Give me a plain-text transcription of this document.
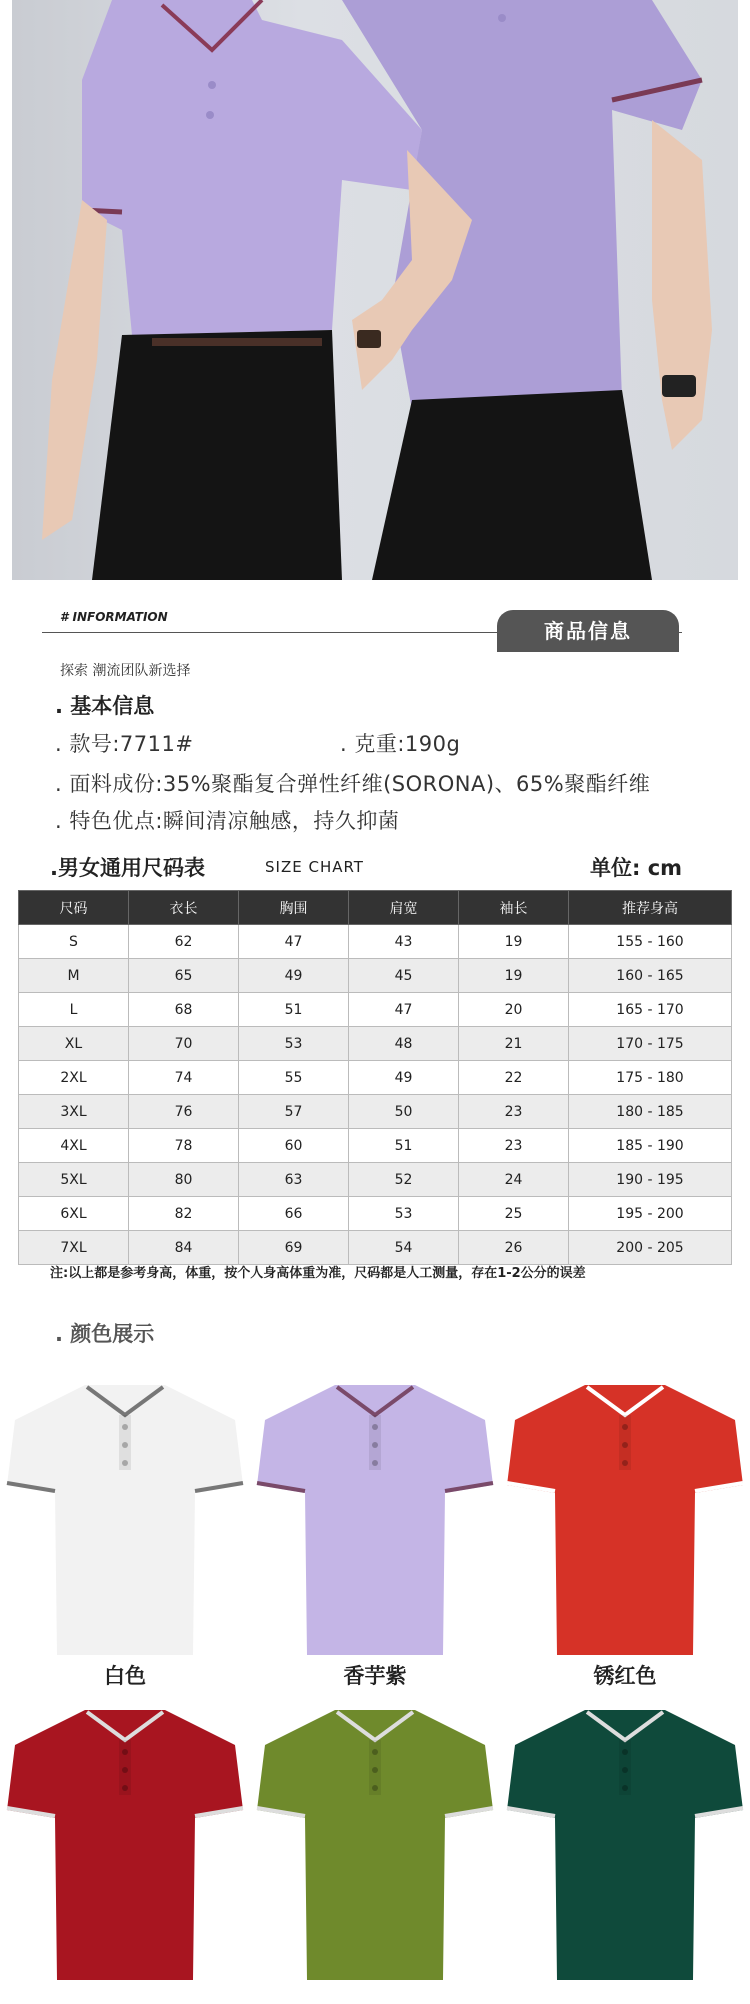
# INFORMATION
商品信息
探索 潮流团队新选择
. 基本信息
. 款号:7711#	. 克重:190g
. 面料成份:35%聚酯复合弹性纤维(SORONA)、65%聚酯纤维
. 特色优点:瞬间清凉触感，持久抑菌
.男女通用尺码表	SIZE CHART	单位: cm
尺码	衣长	胸围	肩宽	袖长	推荐身高
S	62	47	43	19	155 - 160
M	65	49	45	19	160 - 165
L	68	51	47	20	165 - 170
XL	70	53	48	21	170 - 175
2XL	74	55	49	22	175 - 180
3XL	76	57	50	23	180 - 185
4XL	78	60	51	23	185 - 190
5XL	80	63	52	24	190 - 195
6XL	82	66	53	25	195 - 200
7XL	84	69	54	26	200 - 205
注:以上都是参考身高，体重，按个人身高体重为准，尺码都是人工测量，存在1-2公分的误差
. 颜色展示
白色	香芋紫	锈红色
